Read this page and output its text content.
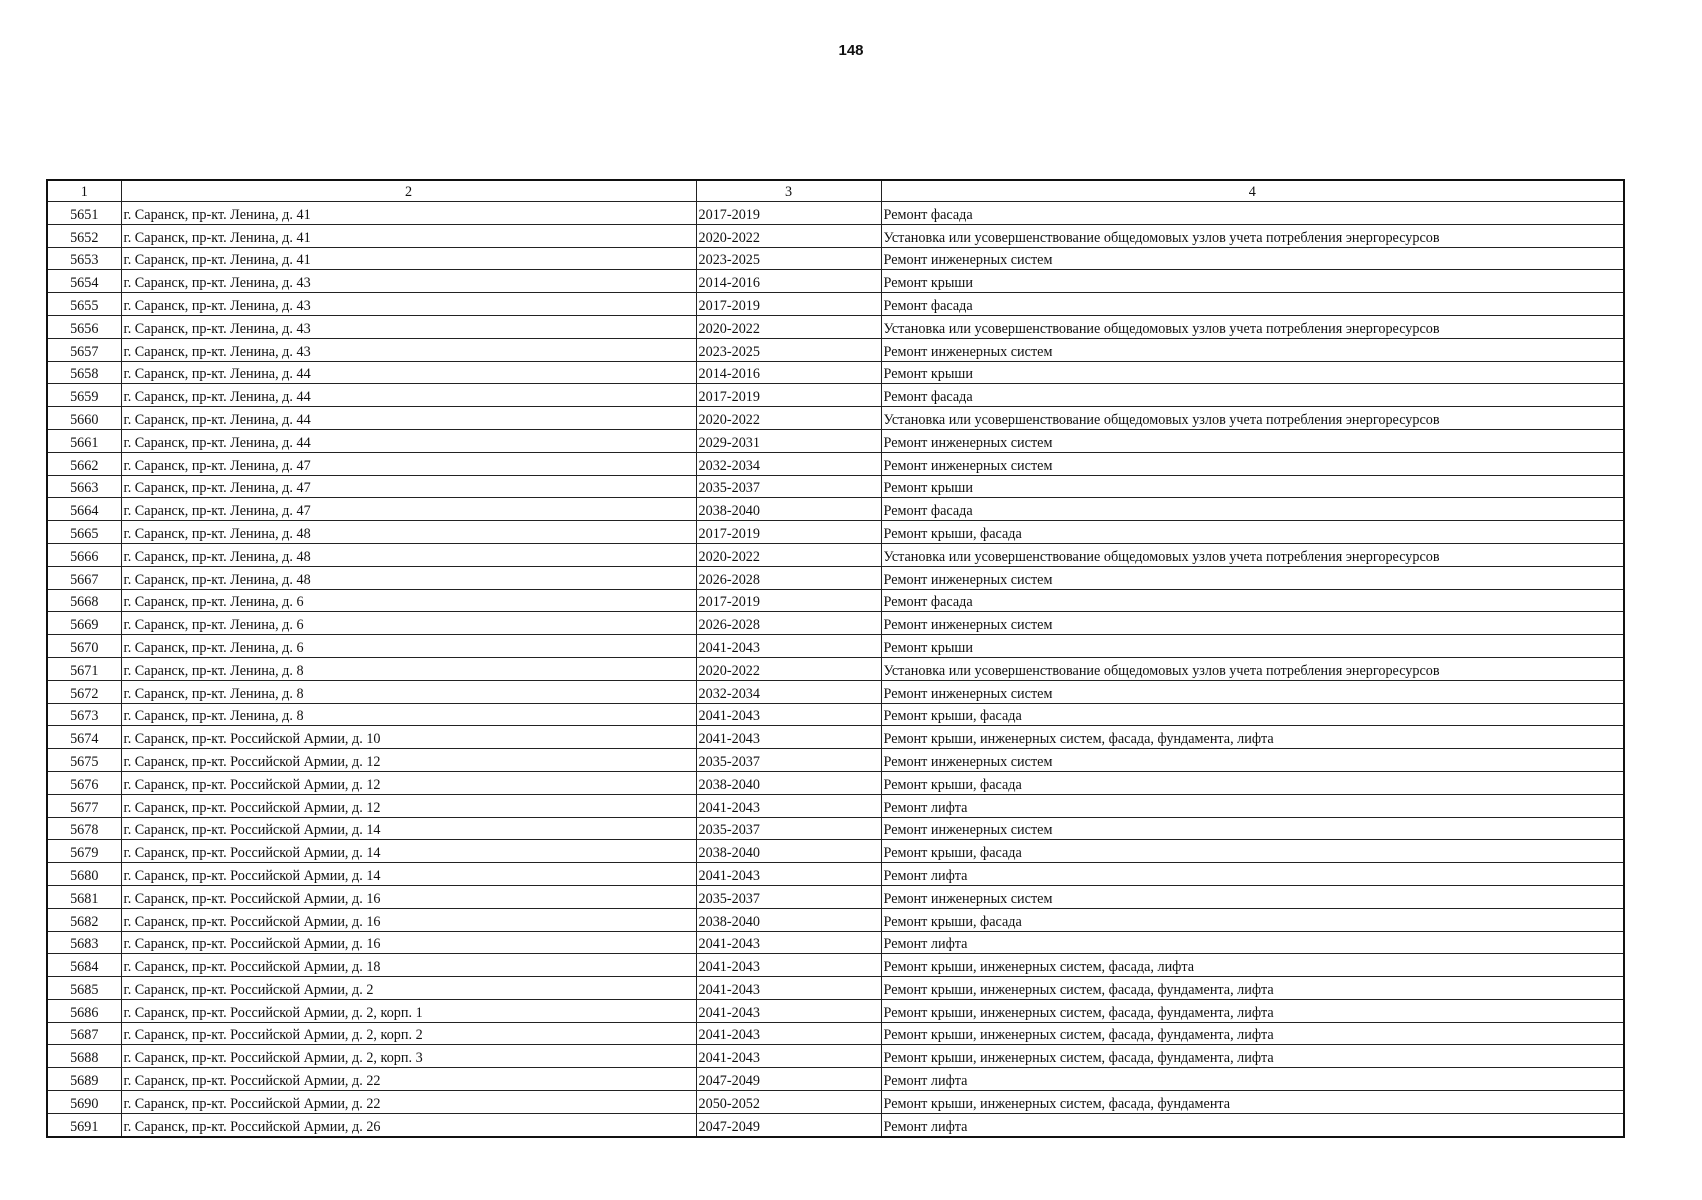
148
1	2	3	4
5651	г. Саранск, пр-кт. Ленина, д. 41	2017-2019	Ремонт фасада
5652	г. Саранск, пр-кт. Ленина, д. 41	2020-2022	Установка или усовершенствование общедомовых узлов учета потребления энергоресурсов
5653	г. Саранск, пр-кт. Ленина, д. 41	2023-2025	Ремонт инженерных систем
5654	г. Саранск, пр-кт. Ленина, д. 43	2014-2016	Ремонт крыши
5655	г. Саранск, пр-кт. Ленина, д. 43	2017-2019	Ремонт фасада
5656	г. Саранск, пр-кт. Ленина, д. 43	2020-2022	Установка или усовершенствование общедомовых узлов учета потребления энергоресурсов
5657	г. Саранск, пр-кт. Ленина, д. 43	2023-2025	Ремонт инженерных систем
5658	г. Саранск, пр-кт. Ленина, д. 44	2014-2016	Ремонт крыши
5659	г. Саранск, пр-кт. Ленина, д. 44	2017-2019	Ремонт фасада
5660	г. Саранск, пр-кт. Ленина, д. 44	2020-2022	Установка или усовершенствование общедомовых узлов учета потребления энергоресурсов
5661	г. Саранск, пр-кт. Ленина, д. 44	2029-2031	Ремонт инженерных систем
5662	г. Саранск, пр-кт. Ленина, д. 47	2032-2034	Ремонт инженерных систем
5663	г. Саранск, пр-кт. Ленина, д. 47	2035-2037	Ремонт крыши
5664	г. Саранск, пр-кт. Ленина, д. 47	2038-2040	Ремонт фасада
5665	г. Саранск, пр-кт. Ленина, д. 48	2017-2019	Ремонт крыши, фасада
5666	г. Саранск, пр-кт. Ленина, д. 48	2020-2022	Установка или усовершенствование общедомовых узлов учета потребления энергоресурсов
5667	г. Саранск, пр-кт. Ленина, д. 48	2026-2028	Ремонт инженерных систем
5668	г. Саранск, пр-кт. Ленина, д. 6	2017-2019	Ремонт фасада
5669	г. Саранск, пр-кт. Ленина, д. 6	2026-2028	Ремонт инженерных систем
5670	г. Саранск, пр-кт. Ленина, д. 6	2041-2043	Ремонт крыши
5671	г. Саранск, пр-кт. Ленина, д. 8	2020-2022	Установка или усовершенствование общедомовых узлов учета потребления энергоресурсов
5672	г. Саранск, пр-кт. Ленина, д. 8	2032-2034	Ремонт инженерных систем
5673	г. Саранск, пр-кт. Ленина, д. 8	2041-2043	Ремонт крыши, фасада
5674	г. Саранск, пр-кт. Российской Армии, д. 10	2041-2043	Ремонт крыши, инженерных систем, фасада, фундамента, лифта
5675	г. Саранск, пр-кт. Российской Армии, д. 12	2035-2037	Ремонт инженерных систем
5676	г. Саранск, пр-кт. Российской Армии, д. 12	2038-2040	Ремонт крыши, фасада
5677	г. Саранск, пр-кт. Российской Армии, д. 12	2041-2043	Ремонт лифта
5678	г. Саранск, пр-кт. Российской Армии, д. 14	2035-2037	Ремонт инженерных систем
5679	г. Саранск, пр-кт. Российской Армии, д. 14	2038-2040	Ремонт крыши, фасада
5680	г. Саранск, пр-кт. Российской Армии, д. 14	2041-2043	Ремонт лифта
5681	г. Саранск, пр-кт. Российской Армии, д. 16	2035-2037	Ремонт инженерных систем
5682	г. Саранск, пр-кт. Российской Армии, д. 16	2038-2040	Ремонт крыши, фасада
5683	г. Саранск, пр-кт. Российской Армии, д. 16	2041-2043	Ремонт лифта
5684	г. Саранск, пр-кт. Российской Армии, д. 18	2041-2043	Ремонт крыши, инженерных систем, фасада, лифта
5685	г. Саранск, пр-кт. Российской Армии, д. 2	2041-2043	Ремонт крыши, инженерных систем, фасада, фундамента, лифта
5686	г. Саранск, пр-кт. Российской Армии, д. 2, корп. 1	2041-2043	Ремонт крыши, инженерных систем, фасада, фундамента, лифта
5687	г. Саранск, пр-кт. Российской Армии, д. 2, корп. 2	2041-2043	Ремонт крыши, инженерных систем, фасада, фундамента, лифта
5688	г. Саранск, пр-кт. Российской Армии, д. 2, корп. 3	2041-2043	Ремонт крыши, инженерных систем, фасада, фундамента, лифта
5689	г. Саранск, пр-кт. Российской Армии, д. 22	2047-2049	Ремонт лифта
5690	г. Саранск, пр-кт. Российской Армии, д. 22	2050-2052	Ремонт крыши, инженерных систем, фасада, фундамента
5691	г. Саранск, пр-кт. Российской Армии, д. 26	2047-2049	Ремонт лифта
